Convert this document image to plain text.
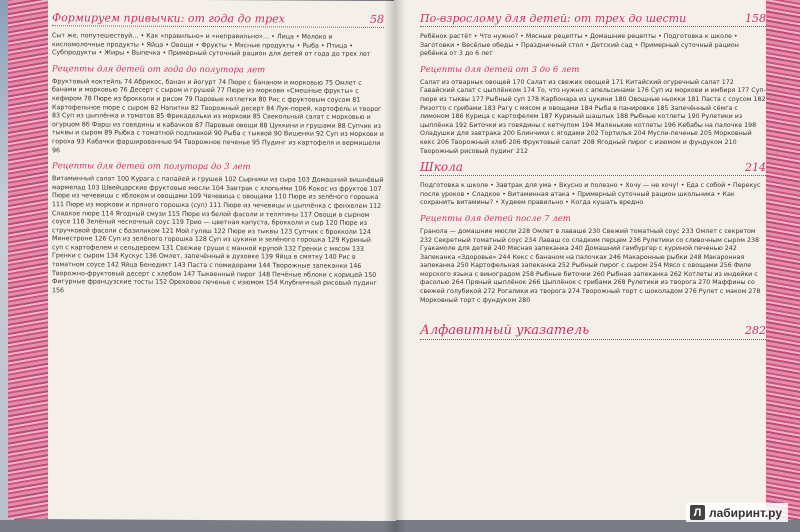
Формируем привычки: от года до трех	58
Сыт же, попутешествуй… • Как «правильно» и «неправильно»… • Лица • Молоко и кисломолочные продукты • Яйца • Овощи • Фрукты • Мясные продукты • Рыба • Птица • Субпродукты • Жиры • Выпечка • Примерный суточный рацион для детей от года до трех лет
Рецепты для детей от года до полутора лет
Фруктовый коктейль 74 Абрикос, банан и йогурт 74 Пюре с бананом и морковью 75 Омлет с банами и морковью 76 Десерт с сыром и грушей 77 Пюре из моркови «Смешные фрукты» с кефиром 78 Пюре из брокколи и рисом 79 Паровые котлетки 80 Рис с фруктовым соусом 81 Картофельное пюре с сыром 82 Напитки 82 Творожный десерт 84 Лук-порей, картофель и творог 83 Суп из цыплёнка и томатов 85 Фрикадельки из моркови 85 Свекольный салат с морковью и огурцом 86 Фарш из говядины и кабачков 87 Паровые овощи 88 Цуккини и грушами 88 Супчик из тыквы и сыром 89 Рыбка с томатной подливкой 90 Рыба с тыквой 90 Вишенки 92 Суп из моркови и гороха 93 Кабачки фаршированные 94 Творожное печенье 95 Пудинг из картофеля и вермишели 96
Рецепты для детей от полутора до 3 лет
Витаминный салат 100 Курага с папайей и грушей 102 Сырники из сыра 103 Домашний вишнёвый мармелад 103 Швейцарские фруктовые мюсли 104 Завтрак с хлопьями 106 Кокос из фруктов 107 Пюре из чечевицы с яблоком и овощами 109 Чечевица с овощами 110 Пюре из зелёного горошка 111 Пюре из моркови и пряного горошка (суп) 111 Пюре из чечевицы и цыплёнка с фенхелем 112 Сладкое пюре 114 Ягодный смузи 115 Пюре из белой фасоли и телятины 117 Овощи в сырном соусе 118 Зелёный чесночный соус 119 Трио — цветная капуста, брокколи и сыр 120 Пюре из стручковой фасоли с базиликом 121 Мой гуляш 122 Пюре из тыквы 123 Супчик с брокколи 124 Минестроне 126 Суп из зелёного горошка 128 Суп из цукини и зелёного горошка 129 Куриный суп с картофелем и сельдереем 131 Свежие груши с манной крупой 132 Гренки с мясом 133 Гренки с сыром 134 Кускус 136 Омлет, запечённый в духовке 139 Яйца в смятку 140 Рис в томатном соусе 142 Яйца Бенедикт 143 Паста с помидорами 144 Творожные запеканки 146 Творожно-фруктовый десерт с хлебом 147 Тыквенный пирог 148 Печёные яблоки с корицей 150 Фигурные французские тосты 152 Ореховое печенье с изюмом 154 Клубничный рисовый пудинг 156
По-взрослому для детей: от трех до шести	158
Ребёнок растёт • Что нужно? • Мясные рецепты • Домашние рецепты • Подготовка к школе • Заготовки • Весёлые обеды • Праздничный стол • Детский сад • Примерный суточный рацион ребёнка от 3 до 6 лет
Рецепты для детей от 3 до 6 лет
Салат из отварных овощей 170 Салат из свежих овощей 171 Китайский огуречный салат 172 Гавайский салат с цыплёнком 174 То, что нужно с апельсинами 176 Суп из моркови и имбиря 177 Суп-пюре из тыквы 177 Рыбный суп 178 Карбонара из цукини 180 Овощные ньокки 181 Паста с соусом 182 Ризотто с грибами 183 Рагу с мясом и овощами 184 Рыба в панировке 185 Запечённый сёмга с лимоном 186 Курица с картофелем 187 Куриный шашлык 188 Рыбные котлеты 190 Рулетики из цыплёнка 192 Биточки из говядины с кетчупом 194 Маленькие котлеты 196 Кебабы на палочке 198 Оладушки для завтрака 200 Блинчики с ягодами 202 Тортилья 204 Мусли-печенье 205 Морковный кекс 206 Творожный хлеб 206 Фруктовый салат 208 Ягодный пирог с изюмом и фундуком 210 Творожный рисовый пудинг 212
Школа	214
Подготовка к школе • Завтрак для ума • Вкусно и полезно • Хочу — не хочу! • Еда с собой • Перекус после уроков • Сладкое • Витаминная атака • Примерный суточный рацион школьника • Как сохранить витамины? • Худеем правильно • Когда кушать вредно
Рецепты для детей после 7 лет
Гранола — домашние мюсли 228 Омлет в лаваше 230 Свежий томатный соус 233 Омлет с секретом 232 Секретный томатный соус 234 Лаваш со сладким перцем 236 Рулетики со сливочным сыром 238 Гуакамоле для детей 240 Мясная запеканка 240 Домашний гамбургер с куриной печенью 242 Запеканка «Здоровье» 244 Кекс с бананом на палочках 246 Макаронные рыбки 248 Макаронная запеканка 250 Картофельная запеканка 252 Рыбный пирог с сыром 254 Мясо с овощами 256 Филе морского языка с виноградом 258 Рыбные биточки 260 Рыбная запеканка 262 Котлеты из индейки с фасолью 264 Пряный цыплёнок 266 Цыплёнок с грибами 268 Рулетики из творога 270 Маффины со свежей голубикой 272 Рогалики из творога 274 Творожный торт с шоколадом 276 Рулет с маком 278 Морковный торт с фундуком 280
Алфавитный указатель	282
Л лабиринт.ру
